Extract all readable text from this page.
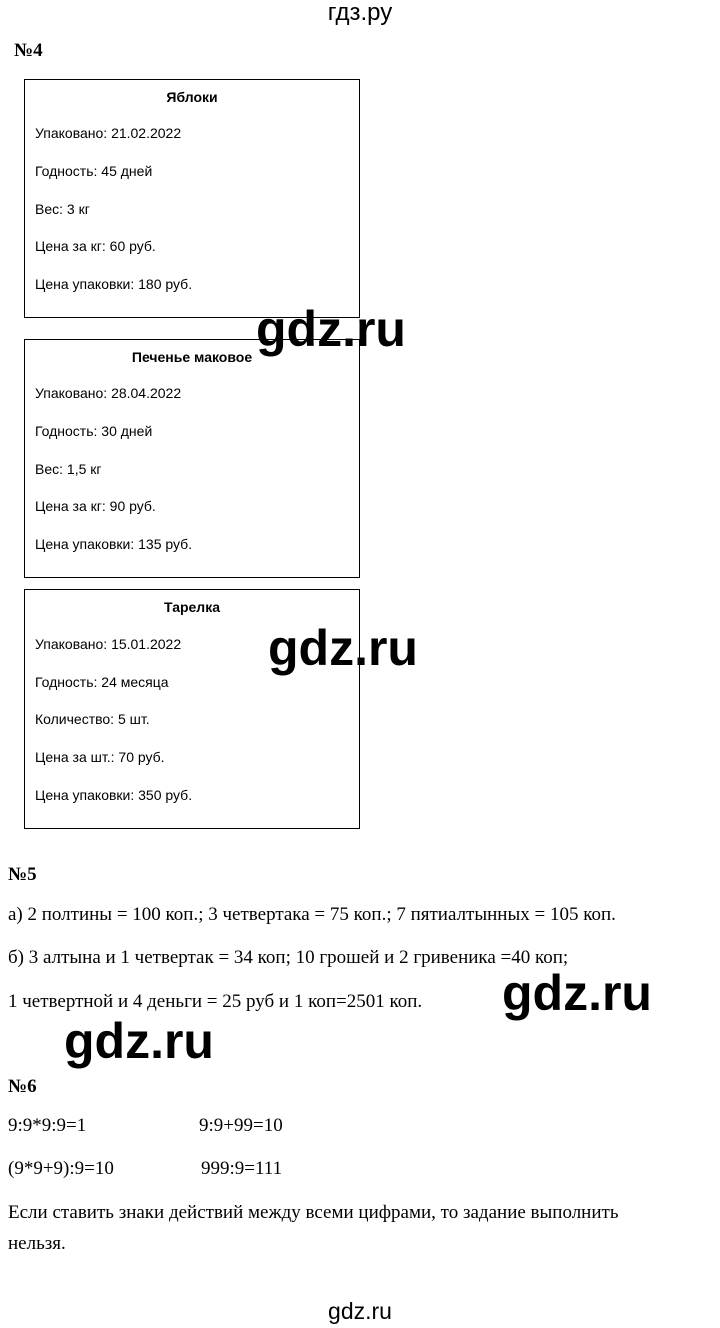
гдз.ру
№4
Яблоки
Упаковано: 21.02.2022
Годность: 45 дней
Вес: 3 кг
Цена за кг: 60 руб.
Цена упаковки: 180 руб.
Печенье маковое
Упаковано: 28.04.2022
Годность: 30 дней
Вес: 1,5 кг
Цена за кг: 90 руб.
Цена упаковки: 135 руб.
Тарелка
Упаковано: 15.01.2022
Годность: 24 месяца
Количество: 5 шт.
Цена за шт.: 70 руб.
Цена упаковки: 350 руб.
№5
а) 2 полтины = 100 коп.; 3 четвертака = 75 коп.; 7 пятиалтынных = 105 коп.
б) 3 алтына и 1 четвертак = 34 коп; 10 грошей и 2 гривеника =40 коп;
1 четвертной и 4 деньги = 25 руб и 1 коп=2501 коп.
№6
9:9*9:9=1	9:9+99=10
(9*9+9):9=10	999:9=111
Если ставить знаки действий между всеми цифрами, то задание выполнить
нельзя.
gdz.ru
gdz.ru
gdz.ru
gdz.ru
gdz.ru
